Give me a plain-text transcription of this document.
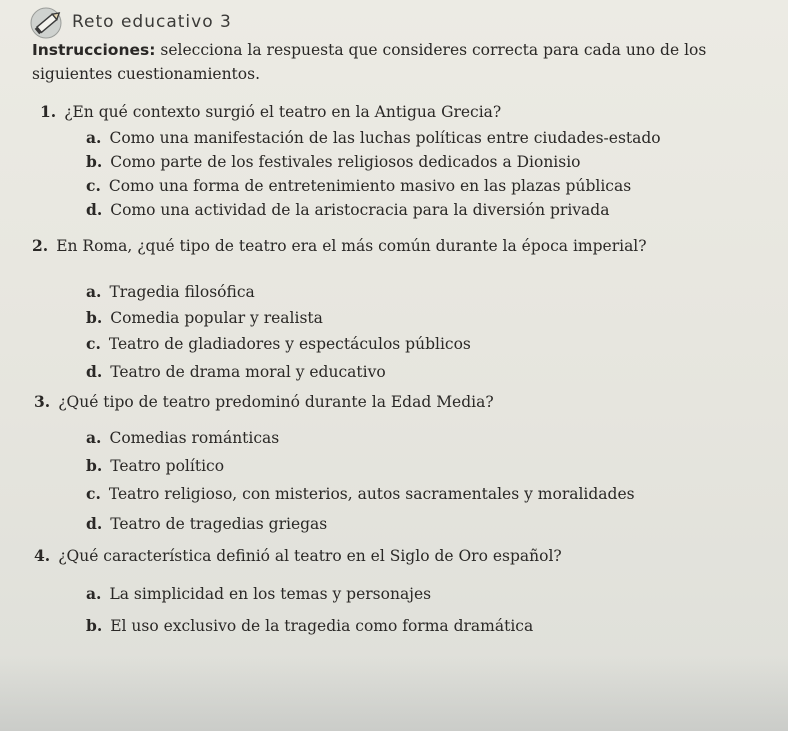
Reto educativo 3
Instrucciones: selecciona la respuesta que consideres correcta para cada uno de los siguientes cuestionamientos.
1. ¿En qué contexto surgió el teatro en la Antigua Grecia?
a. Como una manifestación de las luchas políticas entre ciudades-estado
b. Como parte de los festivales religiosos dedicados a Dionisio
c. Como una forma de entretenimiento masivo en las plazas públicas
d. Como una actividad de la aristocracia para la diversión privada
2. En Roma, ¿qué tipo de teatro era el más común durante la época imperial?
a. Tragedia filosófica
b. Comedia popular y realista
c. Teatro de gladiadores y espectáculos públicos
d. Teatro de drama moral y educativo
3. ¿Qué tipo de teatro predominó durante la Edad Media?
a. Comedias románticas
b. Teatro político
c. Teatro religioso, con misterios, autos sacramentales y moralidades
d. Teatro de tragedias griegas
4. ¿Qué característica definió al teatro en el Siglo de Oro español?
a. La simplicidad en los temas y personajes
b. El uso exclusivo de la tragedia como forma dramática
